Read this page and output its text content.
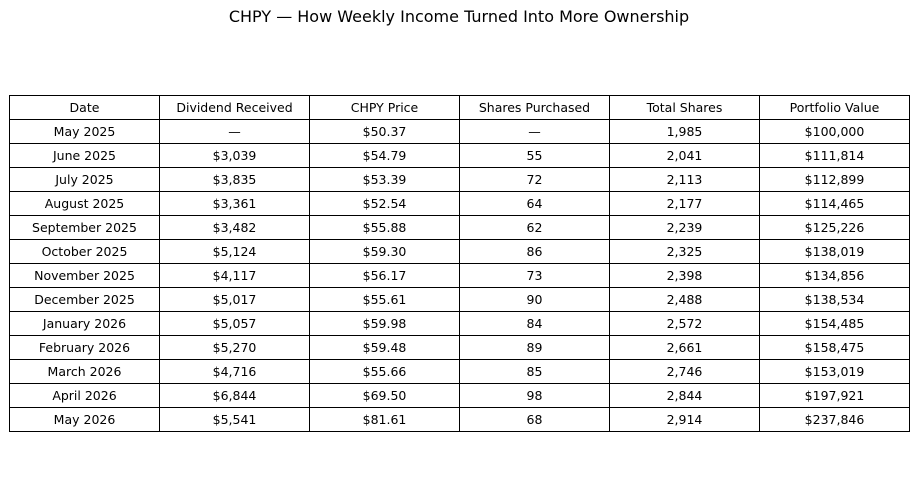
CHPY — How Weekly Income Turned Into More Ownership
Date	Dividend Received	CHPY Price	Shares Purchased	Total Shares	Portfolio Value
May 2025	—	$50.37	—	1,985	$100,000
June 2025	$3,039	$54.79	55	2,041	$111,814
July 2025	$3,835	$53.39	72	2,113	$112,899
August 2025	$3,361	$52.54	64	2,177	$114,465
September 2025	$3,482	$55.88	62	2,239	$125,226
October 2025	$5,124	$59.30	86	2,325	$138,019
November 2025	$4,117	$56.17	73	2,398	$134,856
December 2025	$5,017	$55.61	90	2,488	$138,534
January 2026	$5,057	$59.98	84	2,572	$154,485
February 2026	$5,270	$59.48	89	2,661	$158,475
March 2026	$4,716	$55.66	85	2,746	$153,019
April 2026	$6,844	$69.50	98	2,844	$197,921
May 2026	$5,541	$81.61	68	2,914	$237,846
